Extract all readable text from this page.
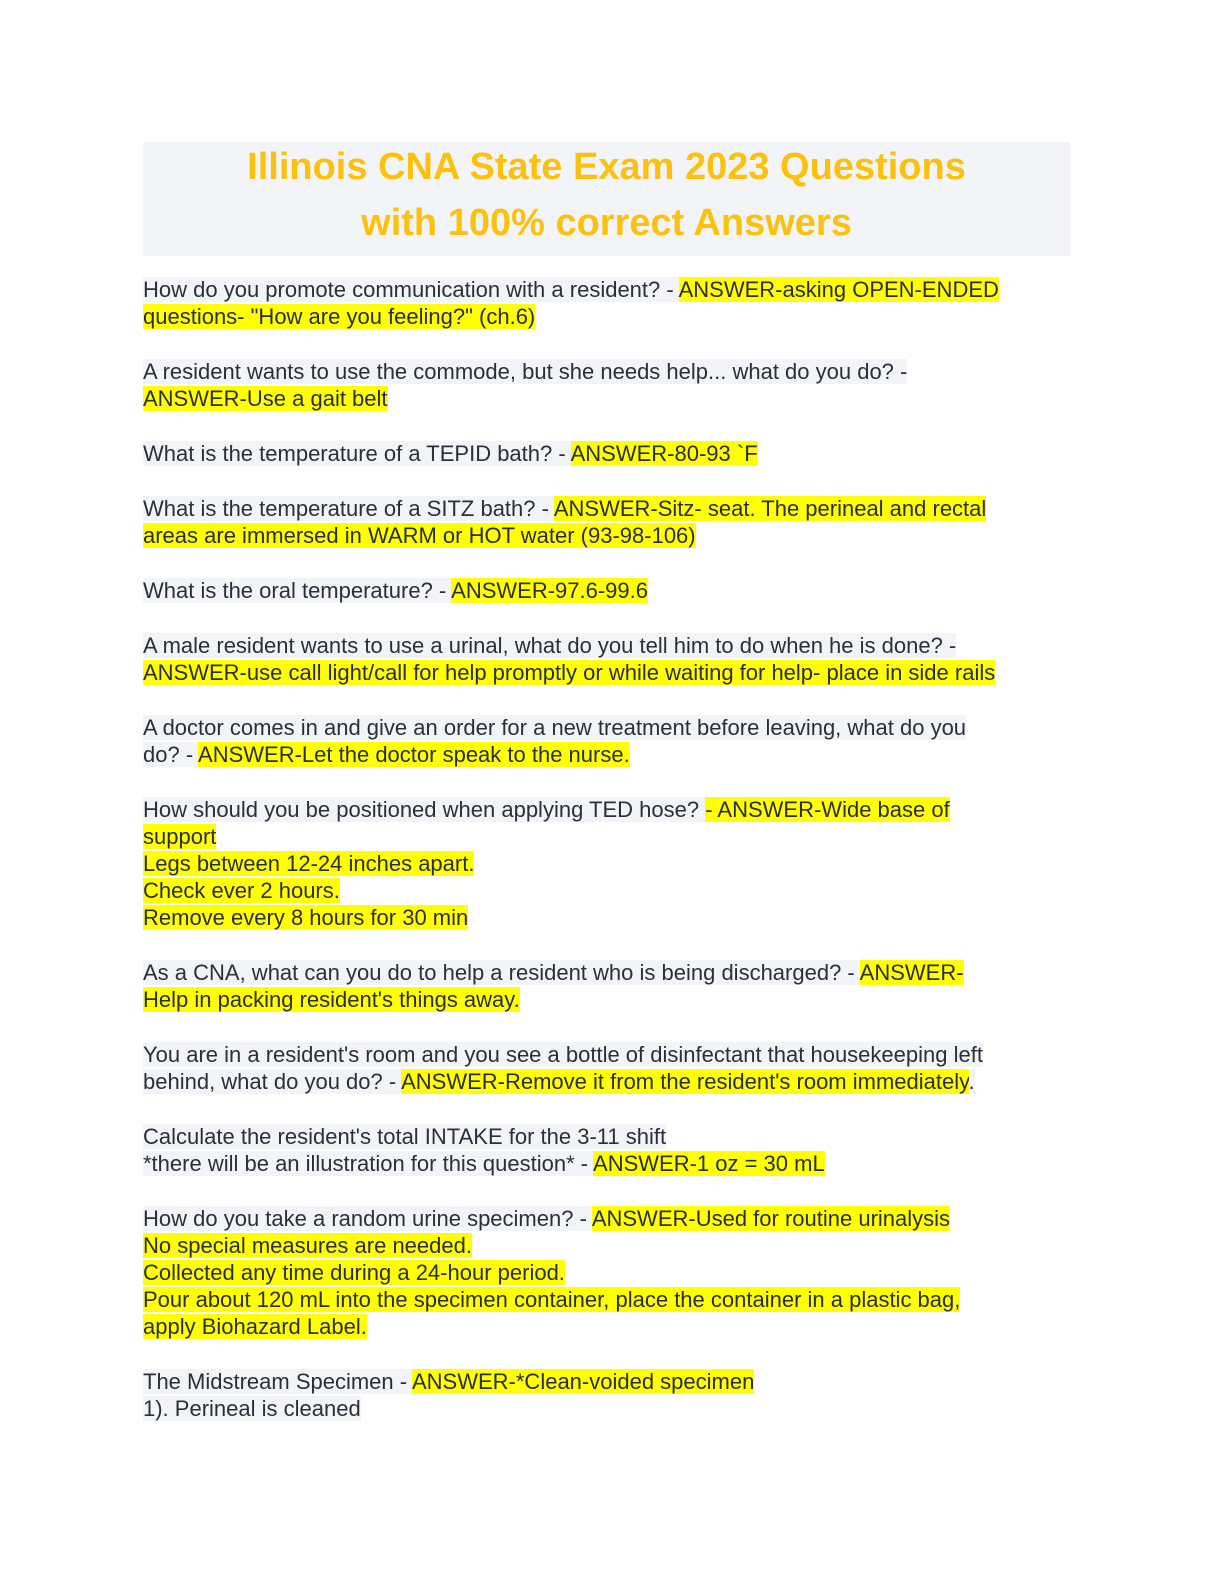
Illinois CNA State Exam 2023 Questions
with 100% correct Answers
How do you promote communication with a resident? - ANSWER-asking OPEN-ENDED
questions- "How are you feeling?" (ch.6)
A resident wants to use the commode, but she needs help... what do you do? -
ANSWER-Use a gait belt
What is the temperature of a TEPID bath? - ANSWER-80-93 `F
What is the temperature of a SITZ bath? - ANSWER-Sitz- seat. The perineal and rectal
areas are immersed in WARM or HOT water (93-98-106)
What is the oral temperature? - ANSWER-97.6-99.6
A male resident wants to use a urinal, what do you tell him to do when he is done? -
ANSWER-use call light/call for help promptly or while waiting for help- place in side rails
A doctor comes in and give an order for a new treatment before leaving, what do you
do? - ANSWER-Let the doctor speak to the nurse.
How should you be positioned when applying TED hose? - ANSWER-Wide base of
support
Legs between 12-24 inches apart.
Check ever 2 hours.
Remove every 8 hours for 30 min
As a CNA, what can you do to help a resident who is being discharged? - ANSWER-
Help in packing resident's things away.
You are in a resident's room and you see a bottle of disinfectant that housekeeping left
behind, what do you do? - ANSWER-Remove it from the resident's room immediately.
Calculate the resident's total INTAKE for the 3-11 shift
*there will be an illustration for this question* - ANSWER-1 oz = 30 mL
How do you take a random urine specimen? - ANSWER-Used for routine urinalysis
No special measures are needed.
Collected any time during a 24-hour period.
Pour about 120 mL into the specimen container, place the container in a plastic bag,
apply Biohazard Label.
The Midstream Specimen - ANSWER-*Clean-voided specimen
1). Perineal is cleaned
